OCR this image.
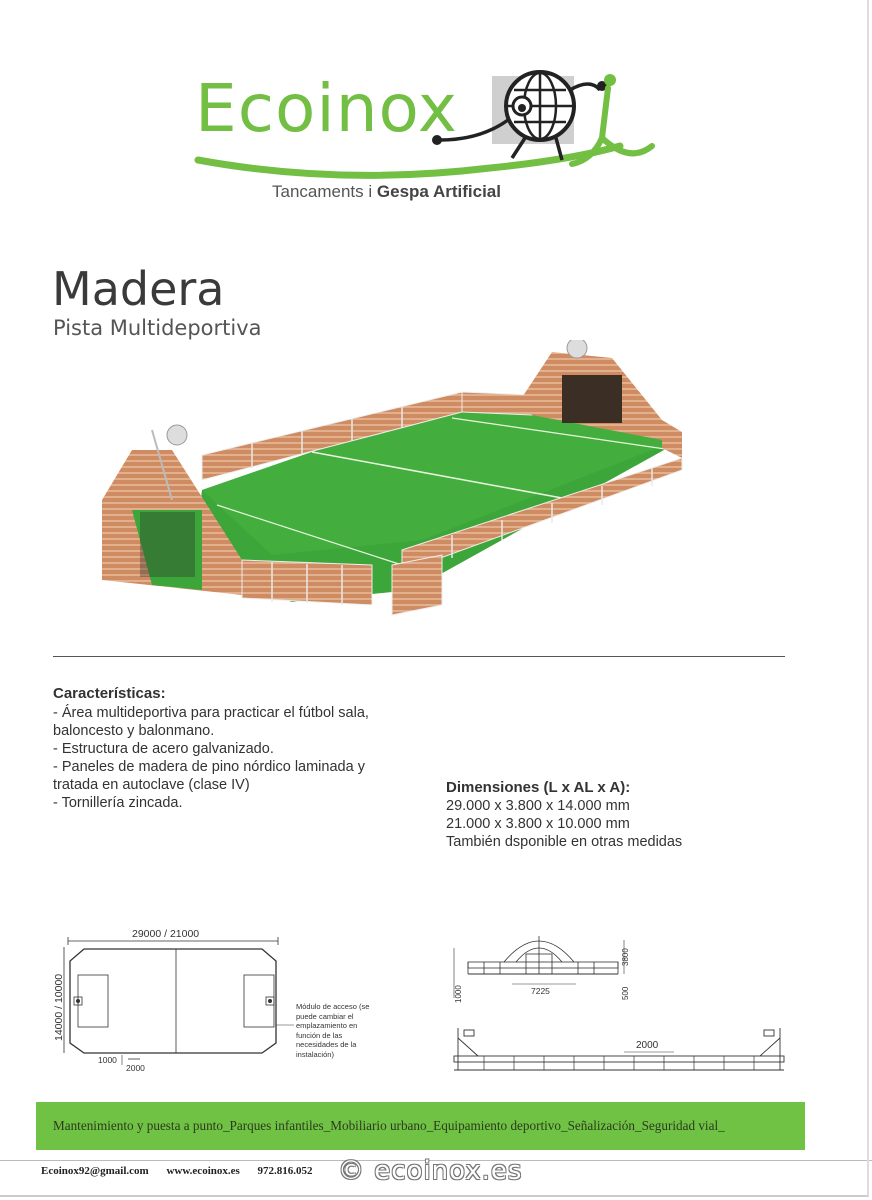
Ecoinox
Tancaments i Gespa Artificial
Madera
Pista Multideportiva
Características:
- Área multideportiva para practicar el fútbol sala,
baloncesto y balonmano.
- Estructura de acero galvanizado.
- Paneles de madera de pino nórdico laminada y
tratada en autoclave (clase IV)
- Tornillería zincada.
Dimensiones (L x AL x A):
29.000 x 3.800 x 14.000 mm
21.000 x 3.800 x 10.000 mm
También dsponible en otras medidas
29000 / 21000
14000 / 10000
1000
2000
Módulo de acceso (se puede cambiar el emplazamiento en función de las necesidades de la instalación)
1000	7225
3800
500
2000
Mantenimiento y puesta a punto_Parques infantiles_Mobiliario urbano_Equipamiento deportivo_Señalización_Seguridad vial_
Ecoinox92@gmail.com www.ecoinox.es 972.816.052 © ecoinox.es
